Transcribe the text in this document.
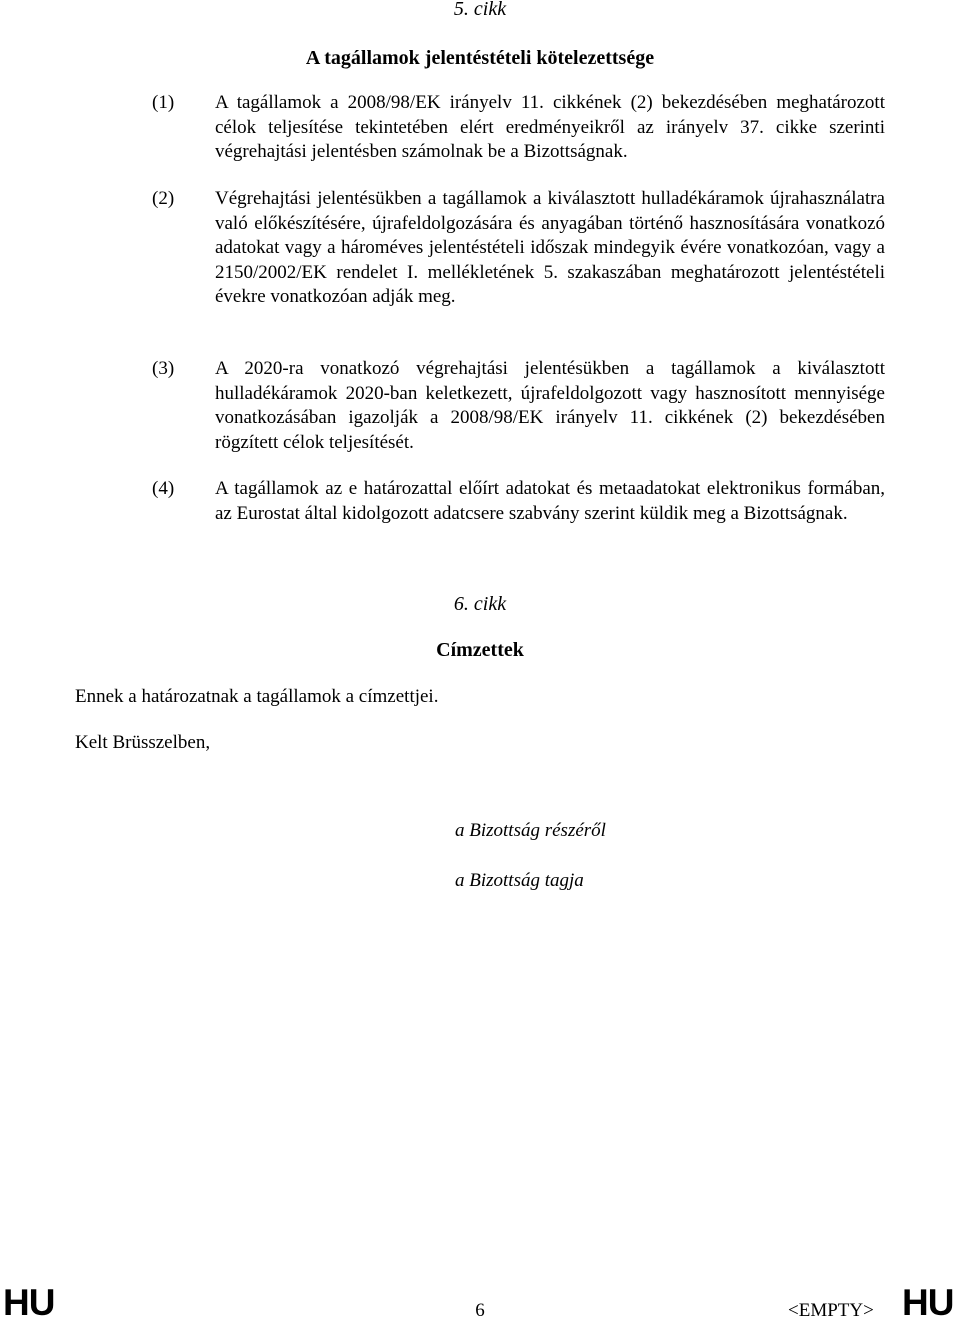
5. cikk
A tagállamok jelentéstételi kötelezettsége
(1) A tagállamok a 2008/98/EK irányelv 11. cikkének (2) bekezdésében meghatározott célok teljesítése tekintetében elért eredményeikről az irányelv 37. cikke szerinti végrehajtási jelentésben számolnak be a Bizottságnak.
(2) Végrehajtási jelentésükben a tagállamok a kiválasztott hulladékáramok újrahasználatra való előkészítésére, újrafeldolgozására és anyagában történő hasznosítására vonatkozó adatokat vagy a hároméves jelentéstételi időszak mindegyik évére vonatkozóan, vagy a 2150/2002/EK rendelet I. mellékletének 5. szakaszában meghatározott jelentéstételi évekre vonatkozóan adják meg.
(3) A 2020-ra vonatkozó végrehajtási jelentésükben a tagállamok a kiválasztott hulladékáramok 2020-ban keletkezett, újrafeldolgozott vagy hasznosított mennyisége vonatkozásában igazolják a 2008/98/EK irányelv 11. cikkének (2) bekezdésében rögzített célok teljesítését.
(4) A tagállamok az e határozattal előírt adatokat és metaadatokat elektronikus formában, az Eurostat által kidolgozott adatcsere szabvány szerint küldik meg a Bizottságnak.
6. cikk
Címzettek
Ennek a határozatnak a tagállamok a címzettjei.
Kelt Brüsszelben,
a Bizottság részéről
a Bizottság tagja
HU	6	<EMPTY> HU
